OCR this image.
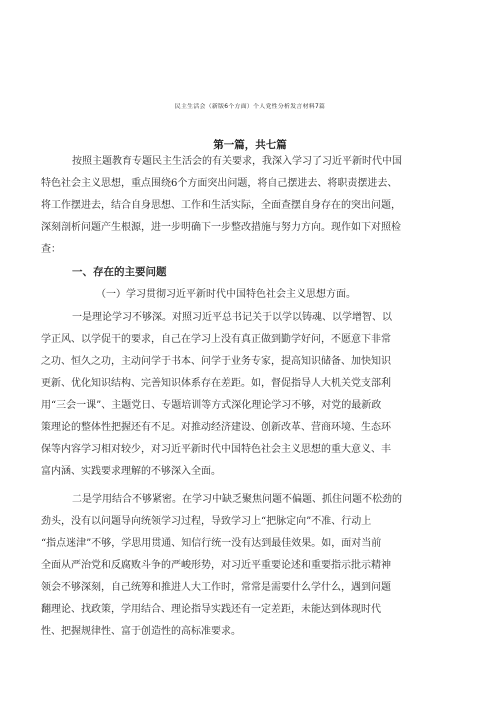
民主生活会（新版6个方面）个人党性分析发言材料7篇
第一篇，共七篇
按照主题教育专题民主生活会的有关要求，我深入学习了习近平新时代中国
特色社会主义思想，重点围绕6个方面突出问题，将自己摆进去、将职责摆进去、
将工作摆进去，结合自身思想、工作和生活实际，全面查摆自身存在的突出问题，
深刻剖析问题产生根源，进一步明确下一步整改措施与努力方向。现作如下对照检
查：
一、存在的主要问题
（一）学习贯彻习近平新时代中国特色社会主义思想方面。
一是理论学习不够深。对照习近平总书记关于以学以铸魂、以学增智、以
学正风、以学促干的要求，自己在学习上没有真正做到勤学好问，不愿意下非常
之功、恒久之功，主动问学于书本、问学于业务专家，提高知识储备、加快知识
更新、优化知识结构、完善知识体系存在差距。如，督促指导人大机关党支部利
用“三会一课”、主题党日、专题培训等方式深化理论学习不够，对党的最新政
策理论的整体性把握还有不足。对推动经济建设、创新改革、营商环境、生态环
保等内容学习相对较少，对习近平新时代中国特色社会主义思想的重大意义、丰
富内涵、实践要求理解的不够深入全面。
二是学用结合不够紧密。在学习中缺乏聚焦问题不偏题、抓住问题不松劲的
劲头，没有以问题导向统领学习过程，导致学习上“把脉定向”不准、行动上
“指点迷津”不够，学思用贯通、知信行统一没有达到最佳效果。如，面对当前
全面从严治党和反腐败斗争的严峻形势，对习近平重要论述和重要指示批示精神
领会不够深刻，自己统筹和推进人大工作时，常常是需要什么学什么，遇到问题
翻理论、找政策，学用结合、理论指导实践还有一定差距，未能达到体现时代
性、把握规律性、富于创造性的高标准要求。
